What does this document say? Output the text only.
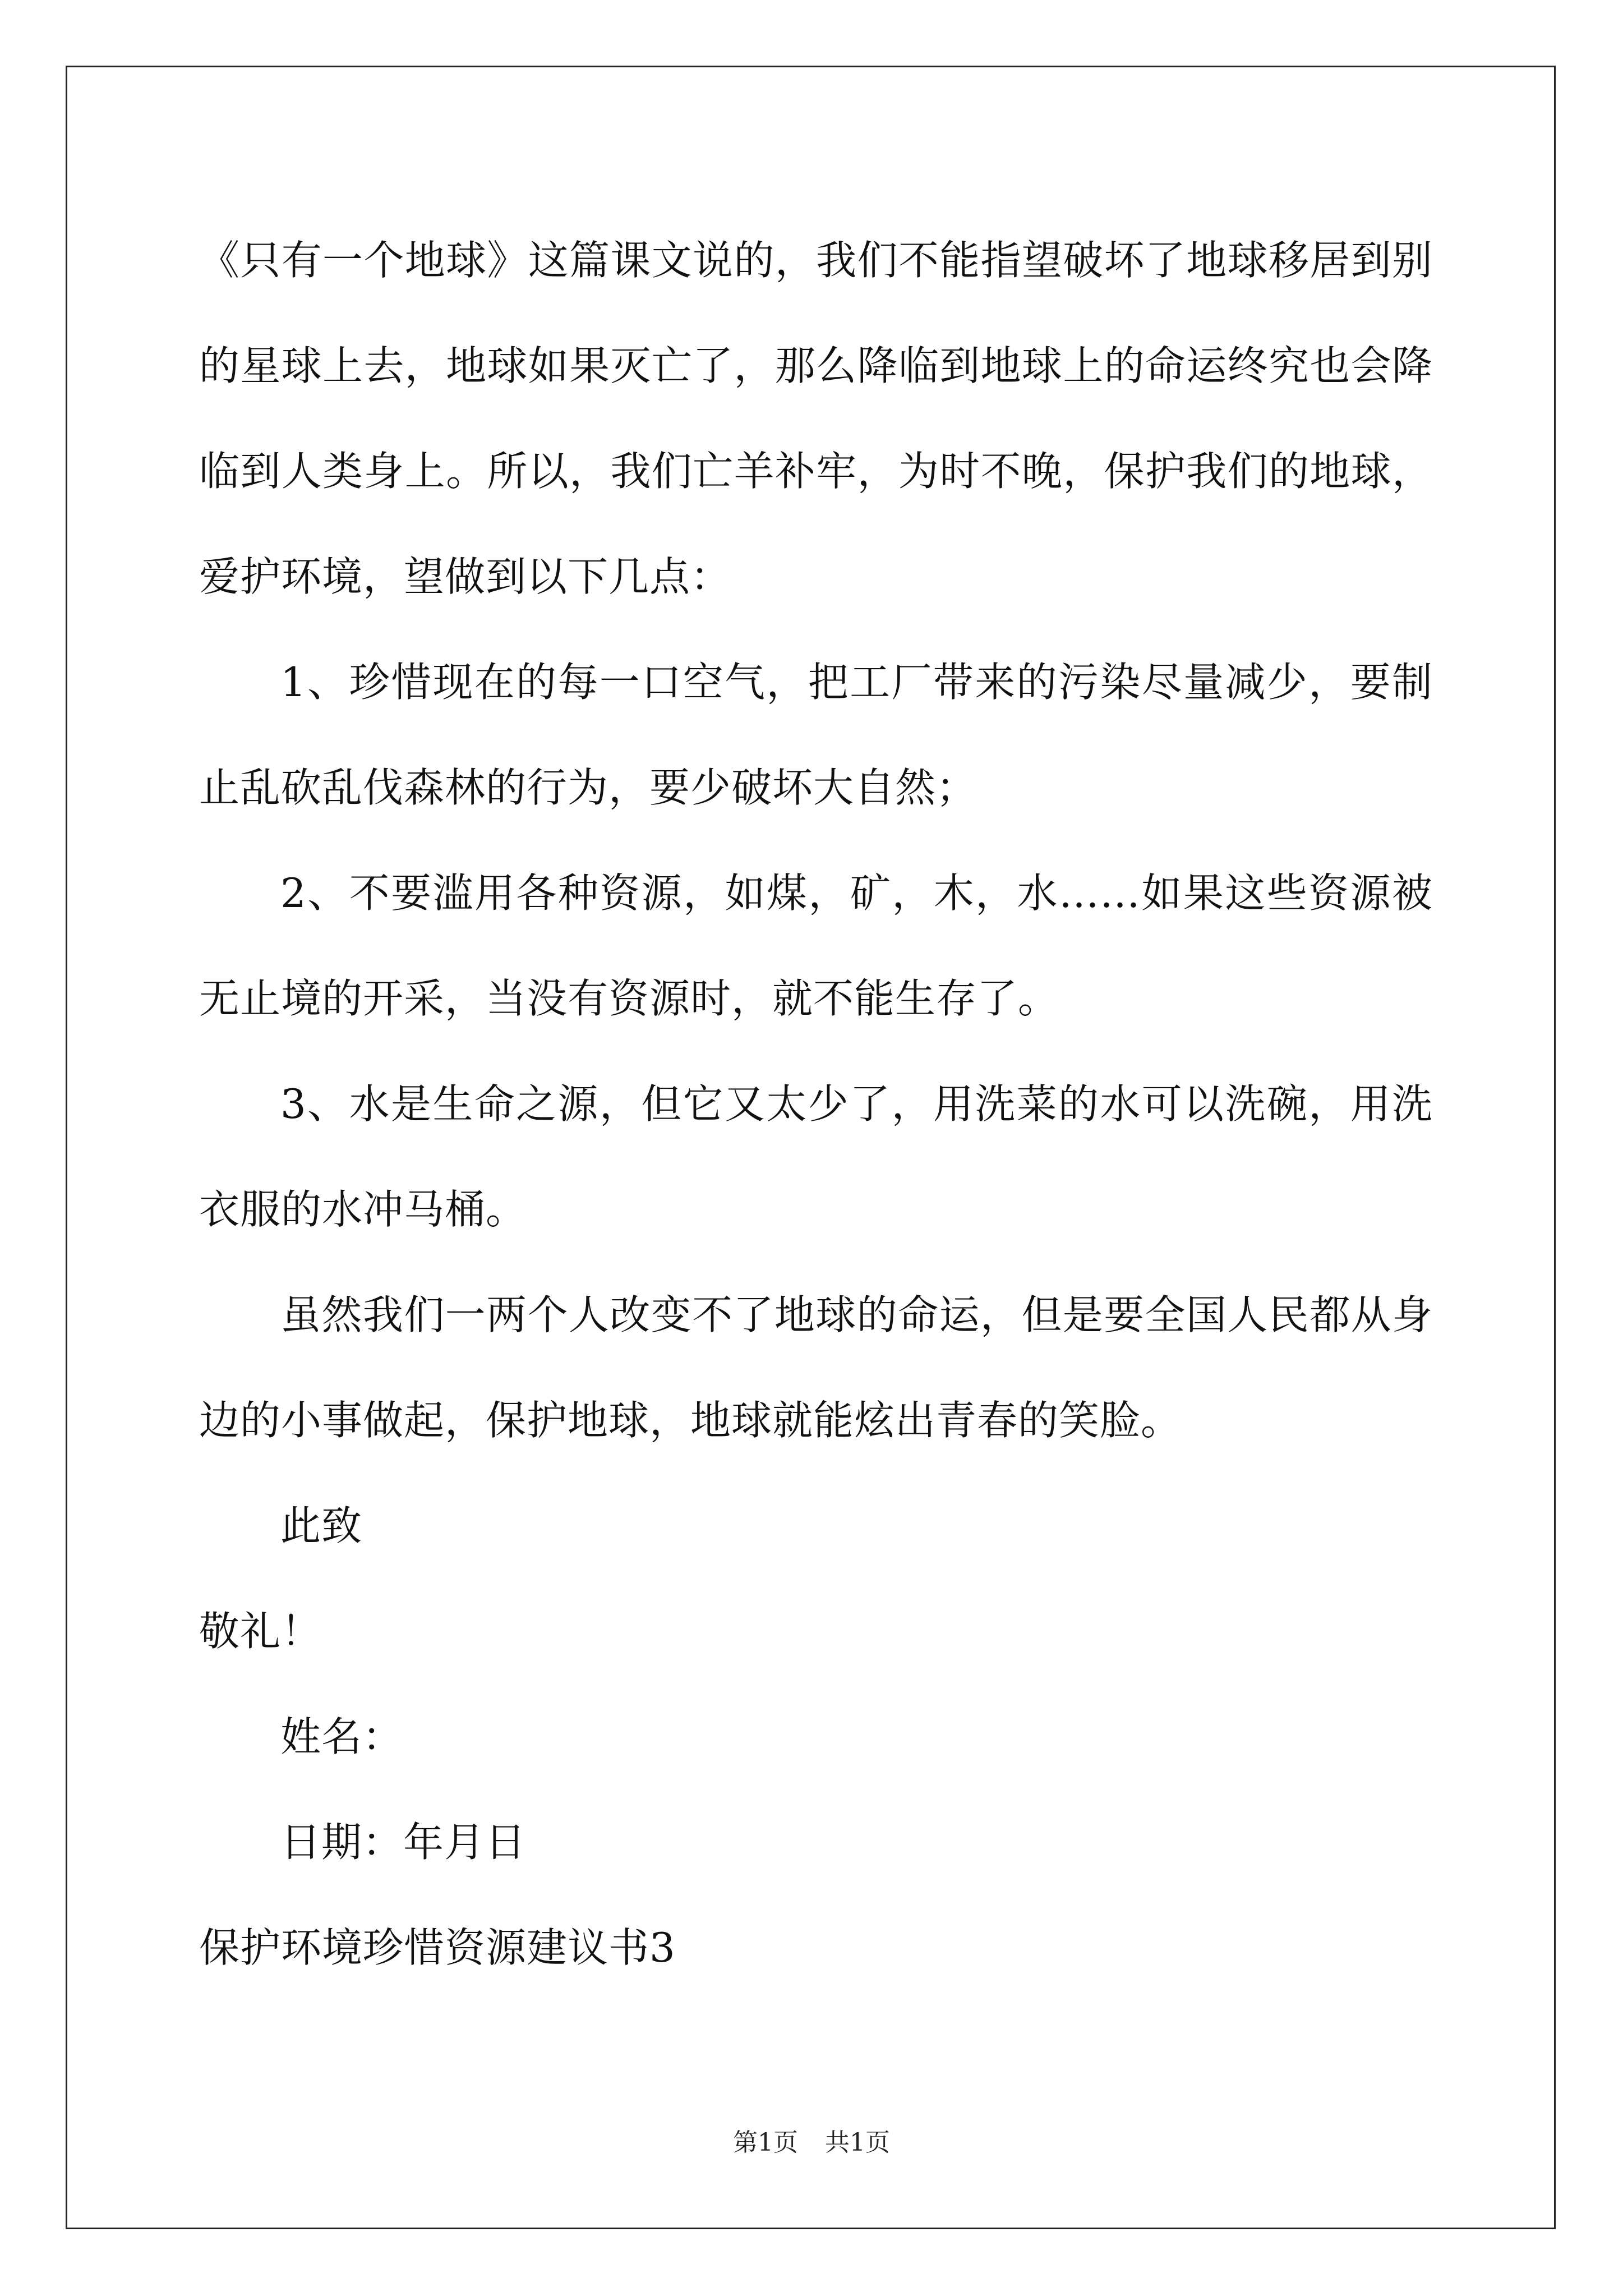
《只有一个地球》这篇课文说的，我们不能指望破坏了地球移居到别的星球上去，地球如果灭亡了，那么降临到地球上的命运终究也会降临到人类身上。所以，我们亡羊补牢，为时不晚，保护我们的地球，爱护环境，望做到以下几点：

1、珍惜现在的每一口空气，把工厂带来的污染尽量减少，要制止乱砍乱伐森林的行为，要少破坏大自然；

2、不要滥用各种资源，如煤，矿，木，水……如果这些资源被无止境的开采，当没有资源时，就不能生存了。

3、水是生命之源，但它又太少了，用洗菜的水可以洗碗，用洗衣服的水冲马桶。

虽然我们一两个人改变不了地球的命运，但是要全国人民都从身边的小事做起，保护地球，地球就能炫出青春的笑脸。

此致

敬礼！

姓名：

日期：年月日

保护环境珍惜资源建议书3

第1页 共1页
